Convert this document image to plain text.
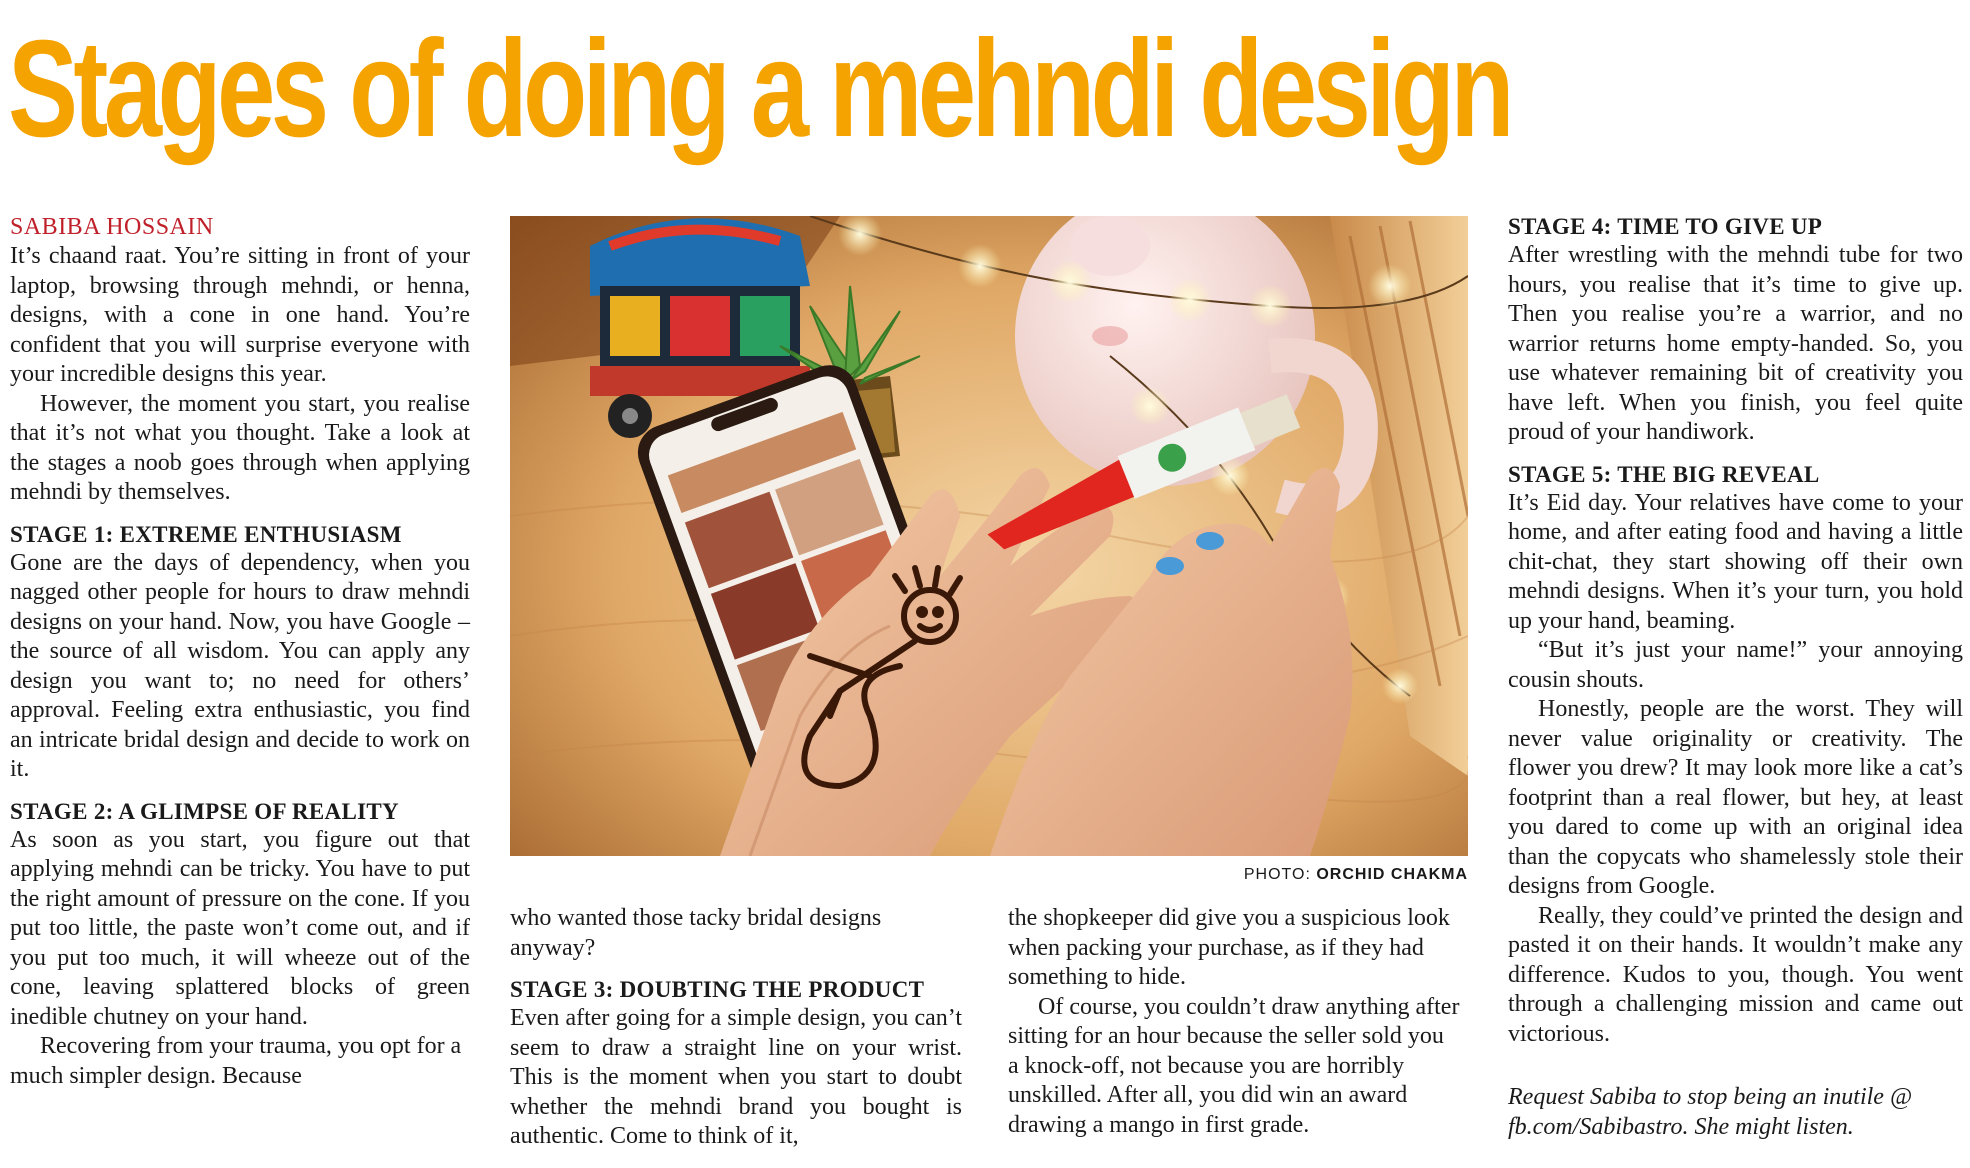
Stages of doing a mehndi design
SABIBA HOSSAIN

It’s chaand raat. You’re sitting in front of your laptop, browsing through mehndi, or henna, designs, with a cone in one hand. You’re confident that you will surprise everyone with your incredible designs this year.

However, the moment you start, you realise that it’s not what you thought. Take a look at the stages a noob goes through when applying mehndi by themselves.

STAGE 1: EXTREME ENTHUSIASM

Gone are the days of dependency, when you nagged other people for hours to draw mehndi designs on your hand. Now, you have Google – the source of all wisdom. You can apply any design you want to; no need for others’ approval. Feeling extra enthusiastic, you find an intricate bridal design and decide to work on it.

STAGE 2: A GLIMPSE OF REALITY

As soon as you start, you figure out that applying mehndi can be tricky. You have to put the right amount of pressure on the cone. If you put too little, the paste won’t come out, and if you put too much, it will wheeze out of the cone, leaving splattered blocks of green inedible chutney on your hand.

Recovering from your trauma, you opt for a much simpler design. Because

PHOTO: ORCHID CHAKMA

who wanted those tacky bridal designs anyway?

STAGE 3: DOUBTING THE PRODUCT

Even after going for a simple design, you can’t seem to draw a straight line on your wrist. This is the moment when you start to doubt whether the mehndi brand you bought is authentic. Come to think of it,

the shopkeeper did give you a suspicious look when packing your purchase, as if they had something to hide.

Of course, you couldn’t draw anything after sitting for an hour because the seller sold you a knock-off, not because you are horribly unskilled. After all, you did win an award drawing a mango in first grade.

STAGE 4: TIME TO GIVE UP

After wrestling with the mehndi tube for two hours, you realise that it’s time to give up. Then you realise you’re a warrior, and no warrior returns home empty-handed. So, you use whatever remaining bit of creativity you have left. When you finish, you feel quite proud of your handiwork.

STAGE 5: THE BIG REVEAL

It’s Eid day. Your relatives have come to your home, and after eating food and having a little chit-chat, they start showing off their own mehndi designs. When it’s your turn, you hold up your hand, beaming.

“But it’s just your name!” your annoying cousin shouts.

Honestly, people are the worst. They will never value originality or creativity. The flower you drew? It may look more like a cat’s footprint than a real flower, but hey, at least you dared to come up with an original idea than the copycats who shamelessly stole their designs from Google.

Really, they could’ve printed the design and pasted it on their hands. It wouldn’t make any difference. Kudos to you, though. You went through a challenging mission and came out victorious.

Request Sabiba to stop being an inutile @ fb.com/Sabibastro. She might listen.
